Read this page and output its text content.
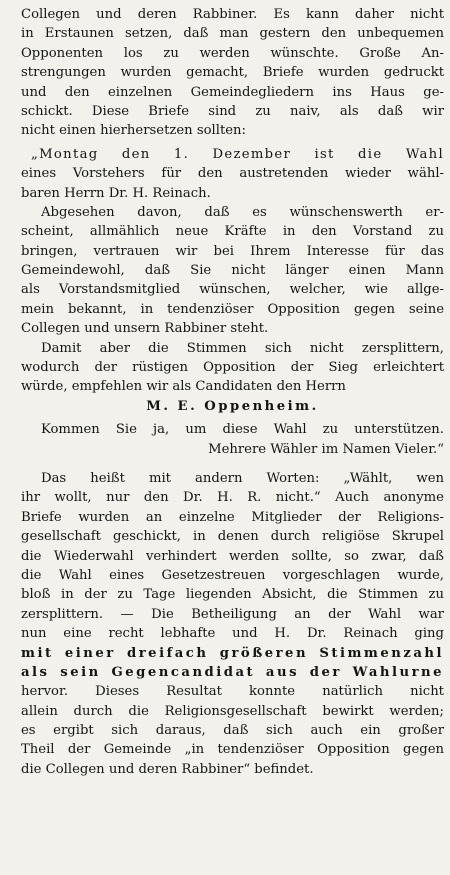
Collegen und deren Rabbiner. Es kann daher nicht
in Erstaunen setzen, daß man gestern den unbequemen
Opponenten los zu werden wünschte. Große An-
strengungen wurden gemacht, Briefe wurden gedruckt
und den einzelnen Gemeindegliedern ins Haus ge-
schickt. Diese Briefe sind zu naiv, als daß wir
nicht einen hierhersetzen sollten:
„Montag den 1. Dezember ist die Wahl
eines Vorstehers für den austretenden wieder wähl-
baren Herrn Dr. H. Reinach.
Abgesehen davon, daß es wünschenswerth er-
scheint, allmählich neue Kräfte in den Vorstand zu
bringen, vertrauen wir bei Ihrem Interesse für das
Gemeindewohl, daß Sie nicht länger einen Mann
als Vorstandsmitglied wünschen, welcher, wie allge-
mein bekannt, in tendenziöser Opposition gegen seine
Collegen und unsern Rabbiner steht.
Damit aber die Stimmen sich nicht zersplittern,
wodurch der rüstigen Opposition der Sieg erleichtert
würde, empfehlen wir als Candidaten den Herrn
M. E. Oppenheim.
Kommen Sie ja, um diese Wahl zu unterstützen.
Mehrere Wähler im Namen Vieler.“
Das heißt mit andern Worten: „Wählt, wen
ihr wollt, nur den Dr. H. R. nicht.“ Auch anonyme
Briefe wurden an einzelne Mitglieder der Religions-
gesellschaft geschickt, in denen durch religiöse Skrupel
die Wiederwahl verhindert werden sollte, so zwar, daß
die Wahl eines Gesetzestreuen vorgeschlagen wurde,
bloß in der zu Tage liegenden Absicht, die Stimmen zu
zersplittern. — Die Betheiligung an der Wahl war
nun eine recht lebhafte und H. Dr. Reinach ging
mit einer dreifach größeren Stimmenzahl
als sein Gegencandidat aus der Wahlurne
hervor. Dieses Resultat konnte natürlich nicht
allein durch die Religionsgesellschaft bewirkt werden;
es ergibt sich daraus, daß sich auch ein großer
Theil der Gemeinde „in tendenziöser Opposition gegen
die Collegen und deren Rabbiner“ befindet.
